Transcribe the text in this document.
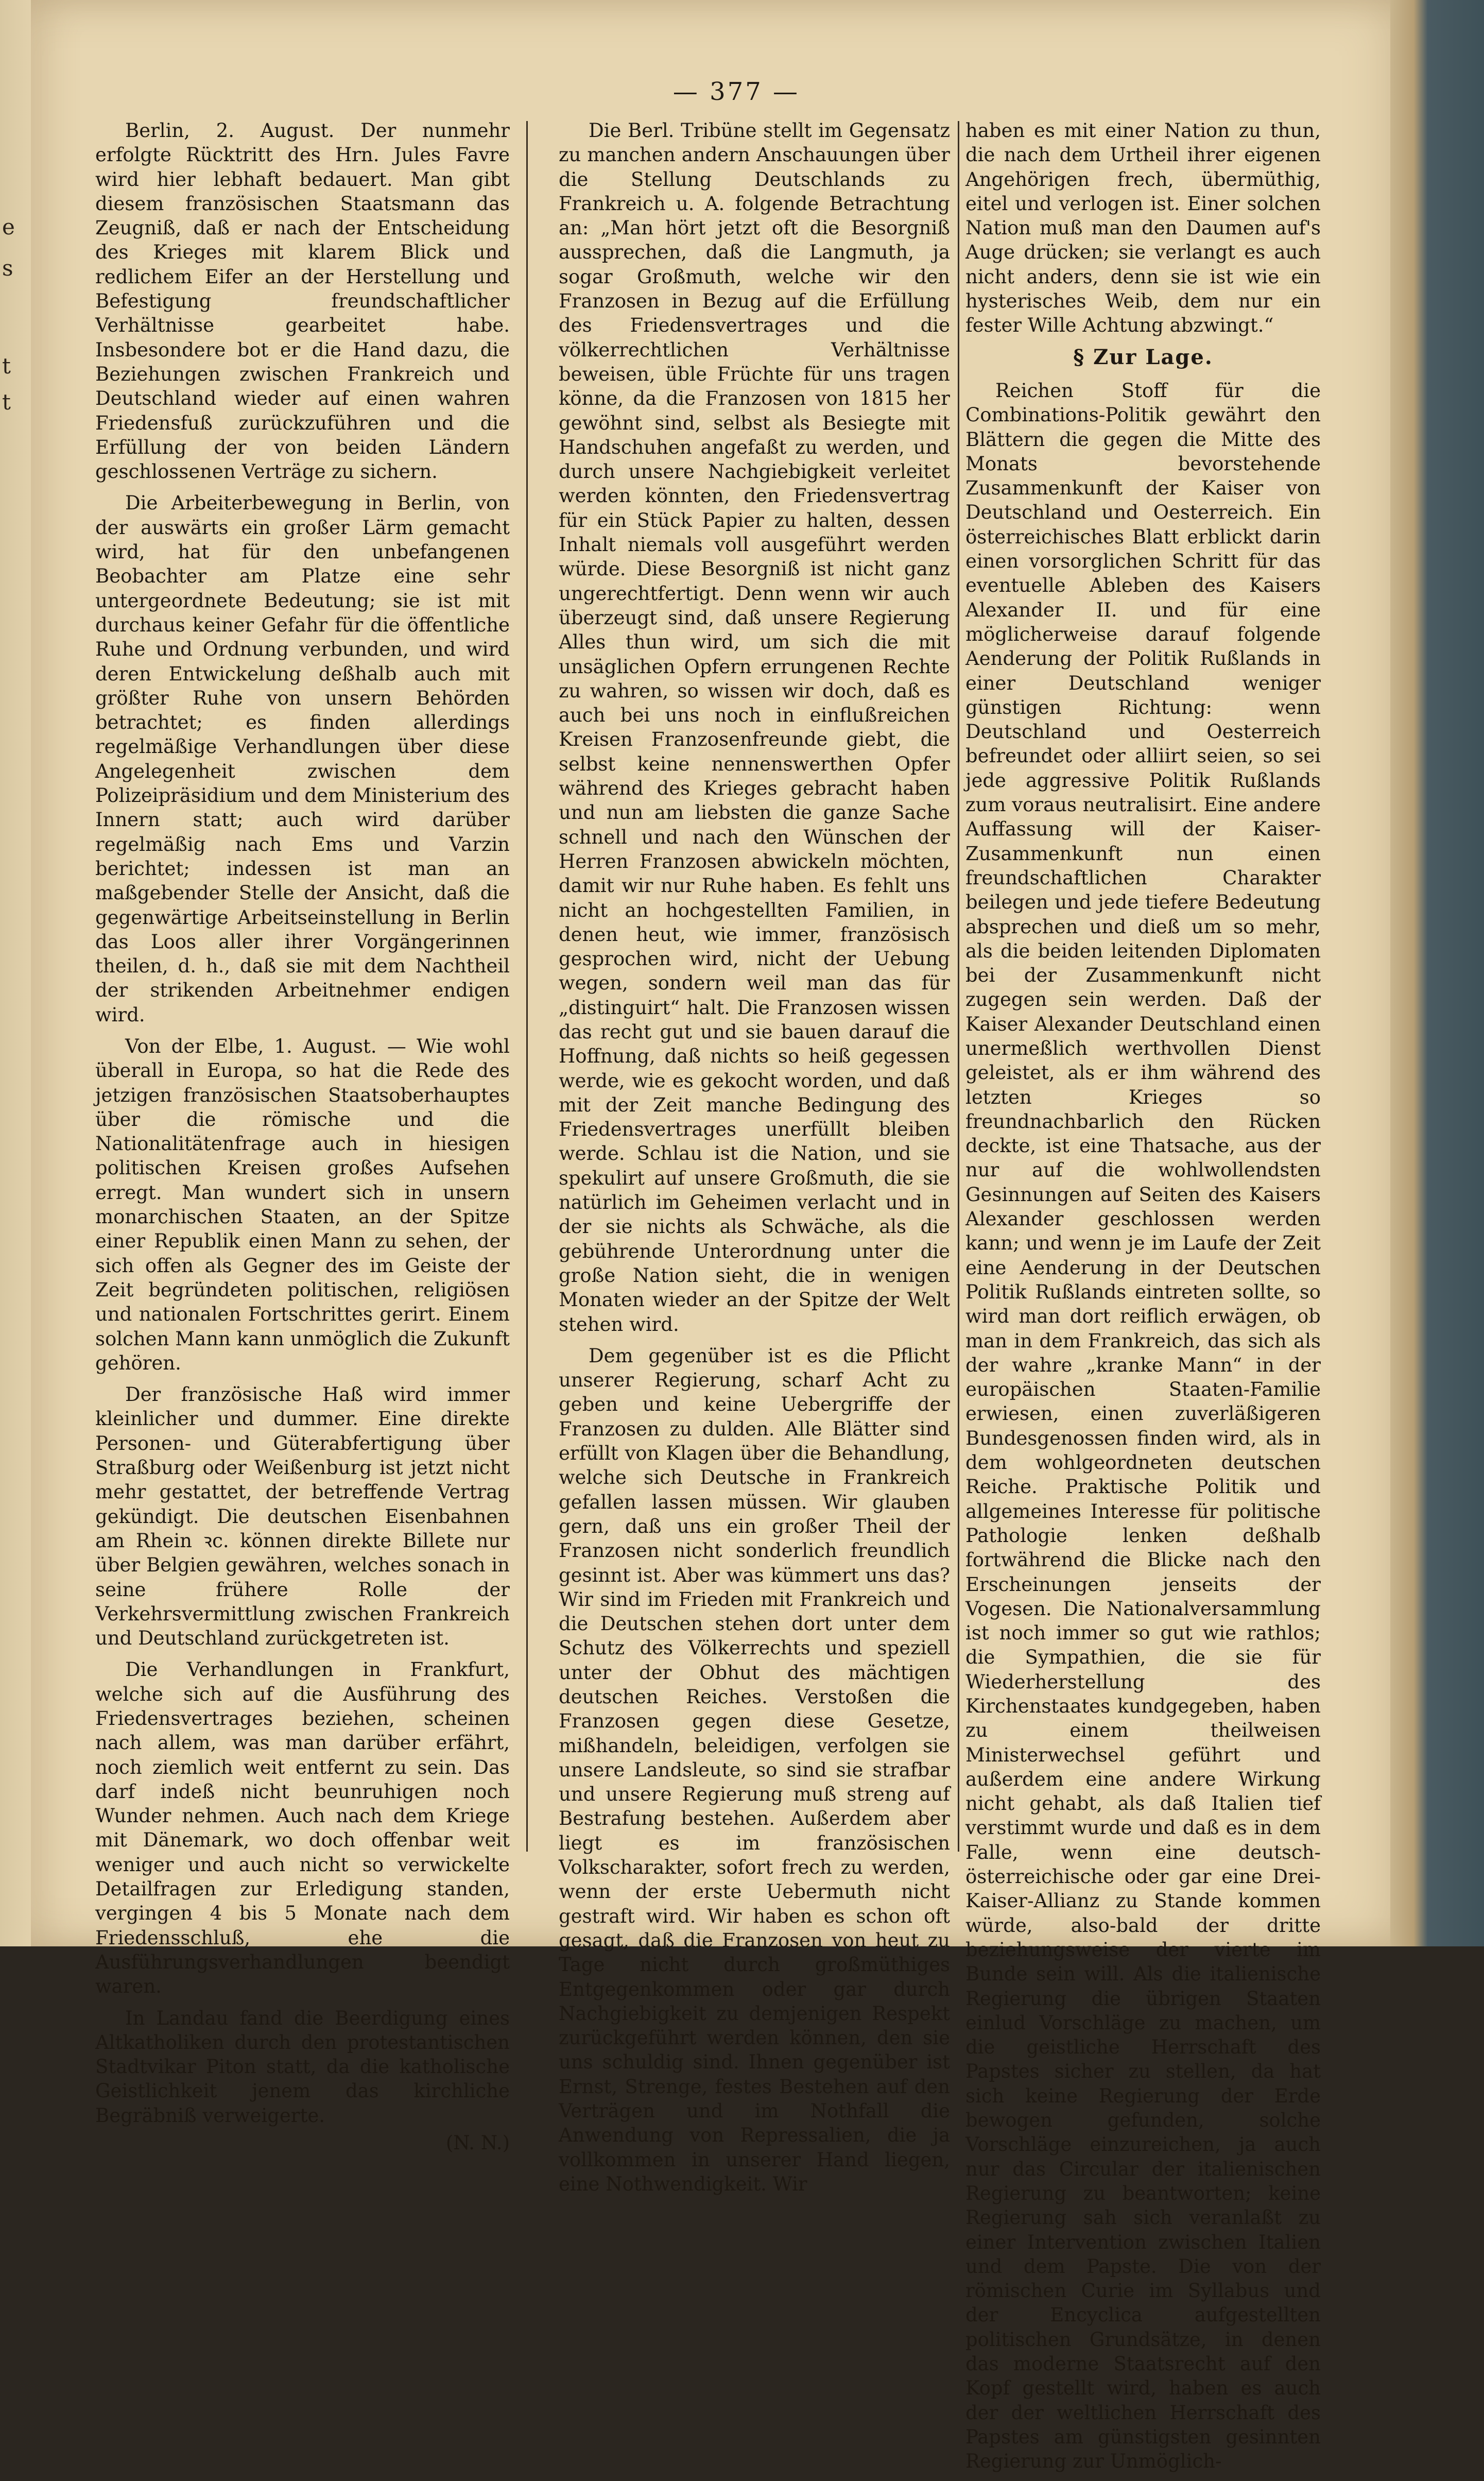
e
s
t
t
— 377 —

Berlin, 2. August. Der nunmehr erfolgte Rücktritt des Hrn. Jules Favre wird hier lebhaft bedauert. Man gibt diesem französischen Staatsmann das Zeugniß, daß er nach der Entscheidung des Krieges mit klarem Blick und redlichem Eifer an der Herstellung und Befestigung freundschaftlicher Verhältnisse gearbeitet habe. Insbesondere bot er die Hand dazu, die Beziehungen zwischen Frankreich und Deutschland wieder auf einen wahren Friedensfuß zurückzuführen und die Erfüllung der von beiden Ländern geschlossenen Verträge zu sichern.

Die Arbeiterbewegung in Berlin, von der auswärts ein großer Lärm gemacht wird, hat für den unbefangenen Beobachter am Platze eine sehr untergeordnete Bedeutung; sie ist mit durchaus keiner Gefahr für die öffentliche Ruhe und Ordnung verbunden, und wird deren Entwickelung deßhalb auch mit größter Ruhe von unsern Behörden betrachtet; es finden allerdings regelmäßige Verhandlungen über diese Angelegenheit zwischen dem Polizeipräsidium und dem Ministerium des Innern statt; auch wird darüber regelmäßig nach Ems und Varzin berichtet; indessen ist man an maßgebender Stelle der Ansicht, daß die gegenwärtige Arbeitseinstellung in Berlin das Loos aller ihrer Vorgängerinnen theilen, d. h., daß sie mit dem Nachtheil der strikenden Arbeitnehmer endigen wird.

Von der Elbe, 1. August. — Wie wohl überall in Europa, so hat die Rede des jetzigen französischen Staatsoberhauptes über die römische und die Nationalitätenfrage auch in hiesigen politischen Kreisen großes Aufsehen erregt. Man wundert sich in unsern monarchischen Staaten, an der Spitze einer Republik einen Mann zu sehen, der sich offen als Gegner des im Geiste der Zeit begründeten politischen, religiösen und nationalen Fortschrittes gerirt. Einem solchen Mann kann unmöglich die Zukunft gehören.

Der französische Haß wird immer kleinlicher und dummer. Eine direkte Personen- und Güterabfertigung über Straßburg oder Weißenburg ist jetzt nicht mehr gestattet, der betreffende Vertrag gekündigt. Die deutschen Eisenbahnen am Rhein ꝛc. können direkte Billete nur über Belgien gewähren, welches sonach in seine frühere Rolle der Verkehrsvermittlung zwischen Frankreich und Deutschland zurückgetreten ist.

Die Verhandlungen in Frankfurt, welche sich auf die Ausführung des Friedensvertrages beziehen, scheinen nach allem, was man darüber erfährt, noch ziemlich weit entfernt zu sein. Das darf indeß nicht beunruhigen noch Wunder nehmen. Auch nach dem Kriege mit Dänemark, wo doch offenbar weit weniger und auch nicht so verwickelte Detailfragen zur Erledigung standen, vergingen 4 bis 5 Monate nach dem Friedensschluß, ehe die Ausführungsverhandlungen beendigt waren.

In Landau fand die Beerdigung eines Altkatholiken durch den protestantischen Stadtvikar Piton statt, da die katholische Geistlichkeit jenem das kirchliche Begräbniß verweigerte.

(N. N.)

Die Berl. Tribüne stellt im Gegensatz zu manchen andern Anschauungen über die Stellung Deutschlands zu Frankreich u. A. folgende Betrachtung an: „Man hört jetzt oft die Besorgniß aussprechen, daß die Langmuth, ja sogar Großmuth, welche wir den Franzosen in Bezug auf die Erfüllung des Friedensvertrages und die völkerrechtlichen Verhältnisse beweisen, üble Früchte für uns tragen könne, da die Franzosen von 1815 her gewöhnt sind, selbst als Besiegte mit Handschuhen angefaßt zu werden, und durch unsere Nachgiebigkeit verleitet werden könnten, den Friedensvertrag für ein Stück Papier zu halten, dessen Inhalt niemals voll ausgeführt werden würde. Diese Besorgniß ist nicht ganz ungerechtfertigt. Denn wenn wir auch überzeugt sind, daß unsere Regierung Alles thun wird, um sich die mit unsäglichen Opfern errungenen Rechte zu wahren, so wissen wir doch, daß es auch bei uns noch in einflußreichen Kreisen Franzosenfreunde giebt, die selbst keine nennenswerthen Opfer während des Krieges gebracht haben und nun am liebsten die ganze Sache schnell und nach den Wünschen der Herren Franzosen abwickeln möchten, damit wir nur Ruhe haben. Es fehlt uns nicht an hochgestellten Familien, in denen heut, wie immer, französisch gesprochen wird, nicht der Uebung wegen, sondern weil man das für „distinguirt“ halt. Die Franzosen wissen das recht gut und sie bauen darauf die Hoffnung, daß nichts so heiß gegessen werde, wie es gekocht worden, und daß mit der Zeit manche Bedingung des Friedensvertrages unerfüllt bleiben werde. Schlau ist die Nation, und sie spekulirt auf unsere Großmuth, die sie natürlich im Geheimen verlacht und in der sie nichts als Schwäche, als die gebührende Unterordnung unter die große Nation sieht, die in wenigen Monaten wieder an der Spitze der Welt stehen wird.

Dem gegenüber ist es die Pflicht unserer Regierung, scharf Acht zu geben und keine Uebergriffe der Franzosen zu dulden. Alle Blätter sind erfüllt von Klagen über die Behandlung, welche sich Deutsche in Frankreich gefallen lassen müssen. Wir glauben gern, daß uns ein großer Theil der Franzosen nicht sonderlich freundlich gesinnt ist. Aber was kümmert uns das? Wir sind im Frieden mit Frankreich und die Deutschen stehen dort unter dem Schutz des Völkerrechts und speziell unter der Obhut des mächtigen deutschen Reiches. Verstoßen die Franzosen gegen diese Gesetze, mißhandeln, beleidigen, verfolgen sie unsere Landsleute, so sind sie strafbar und unsere Regierung muß streng auf Bestrafung bestehen. Außerdem aber liegt es im französischen Volkscharakter, sofort frech zu werden, wenn der erste Uebermuth nicht gestraft wird. Wir haben es schon oft gesagt, daß die Franzosen von heut zu Tage nicht durch großmüthiges Entgegenkommen oder gar durch Nachgiebigkeit zu demjenigen Respekt zurückgeführt werden können, den sie uns schuldig sind. Ihnen gegenüber ist Ernst, Strenge, festes Bestehen auf den Verträgen und im Nothfall die Anwendung von Repressalien, die ja vollkommen in unserer Hand liegen, eine Nothwendigkeit. Wir

haben es mit einer Nation zu thun, die nach dem Urtheil ihrer eigenen Angehörigen frech, übermüthig, eitel und verlogen ist. Einer solchen Nation muß man den Daumen auf's Auge drücken; sie verlangt es auch nicht anders, denn sie ist wie ein hysterisches Weib, dem nur ein fester Wille Achtung abzwingt.“

§ Zur Lage.

Reichen Stoff für die Combinations-Politik gewährt den Blättern die gegen die Mitte des Monats bevorstehende Zusammenkunft der Kaiser von Deutschland und Oesterreich. Ein österreichisches Blatt erblickt darin einen vorsorglichen Schritt für das eventuelle Ableben des Kaisers Alexander II. und für eine möglicherweise darauf folgende Aenderung der Politik Rußlands in einer Deutschland weniger günstigen Richtung: wenn Deutschland und Oesterreich befreundet oder alliirt seien, so sei jede aggressive Politik Rußlands zum voraus neutralisirt. Eine andere Auffassung will der Kaiser-Zusammenkunft nun einen freundschaftlichen Charakter beilegen und jede tiefere Bedeutung absprechen und dieß um so mehr, als die beiden leitenden Diplomaten bei der Zusammenkunft nicht zugegen sein werden. Daß der Kaiser Alexander Deutschland einen unermeßlich werthvollen Dienst geleistet, als er ihm während des letzten Krieges so freundnachbarlich den Rücken deckte, ist eine Thatsache, aus der nur auf die wohlwollendsten Gesinnungen auf Seiten des Kaisers Alexander geschlossen werden kann; und wenn je im Laufe der Zeit eine Aenderung in der Deutschen Politik Rußlands eintreten sollte, so wird man dort reiflich erwägen, ob man in dem Frankreich, das sich als der wahre „kranke Mann“ in der europäischen Staaten-Familie erwiesen, einen zuverläßigeren Bundesgenossen finden wird, als in dem wohlgeordneten deutschen Reiche. Praktische Politik und allgemeines Interesse für politische Pathologie lenken deßhalb fortwährend die Blicke nach den Erscheinungen jenseits der Vogesen. Die Nationalversammlung ist noch immer so gut wie rathlos; die Sympathien, die sie für Wiederherstellung des Kirchenstaates kundgegeben, haben zu einem theilweisen Ministerwechsel geführt und außerdem eine andere Wirkung nicht gehabt, als daß Italien tief verstimmt wurde und daß es in dem Falle, wenn eine deutsch-österreichische oder gar eine Drei-Kaiser-Allianz zu Stande kommen würde, also-bald der dritte beziehungsweise der vierte im Bunde sein will. Als die italienische Regierung die übrigen Staaten einlud Vorschläge zu machen, um die geistliche Herrschaft des Papstes sicher zu stellen, da hat sich keine Regierung der Erde bewogen gefunden, solche Vorschläge einzureichen, ja auch nur das Circular der italienischen Regierung zu beantworten; keine Regierung sah sich veranlaßt zu einer Intervention zwischen Italien und dem Papste. Die von der römischen Curie im Syllabus und der Encyclica aufgestellten politischen Grundsätze, in denen das moderne Staatsrecht auf den Kopf gestellt wird, haben es auch der der weltlichen Herrschaft des Papstes am günstigsten gesinnten Regierung zur Unmöglich-
